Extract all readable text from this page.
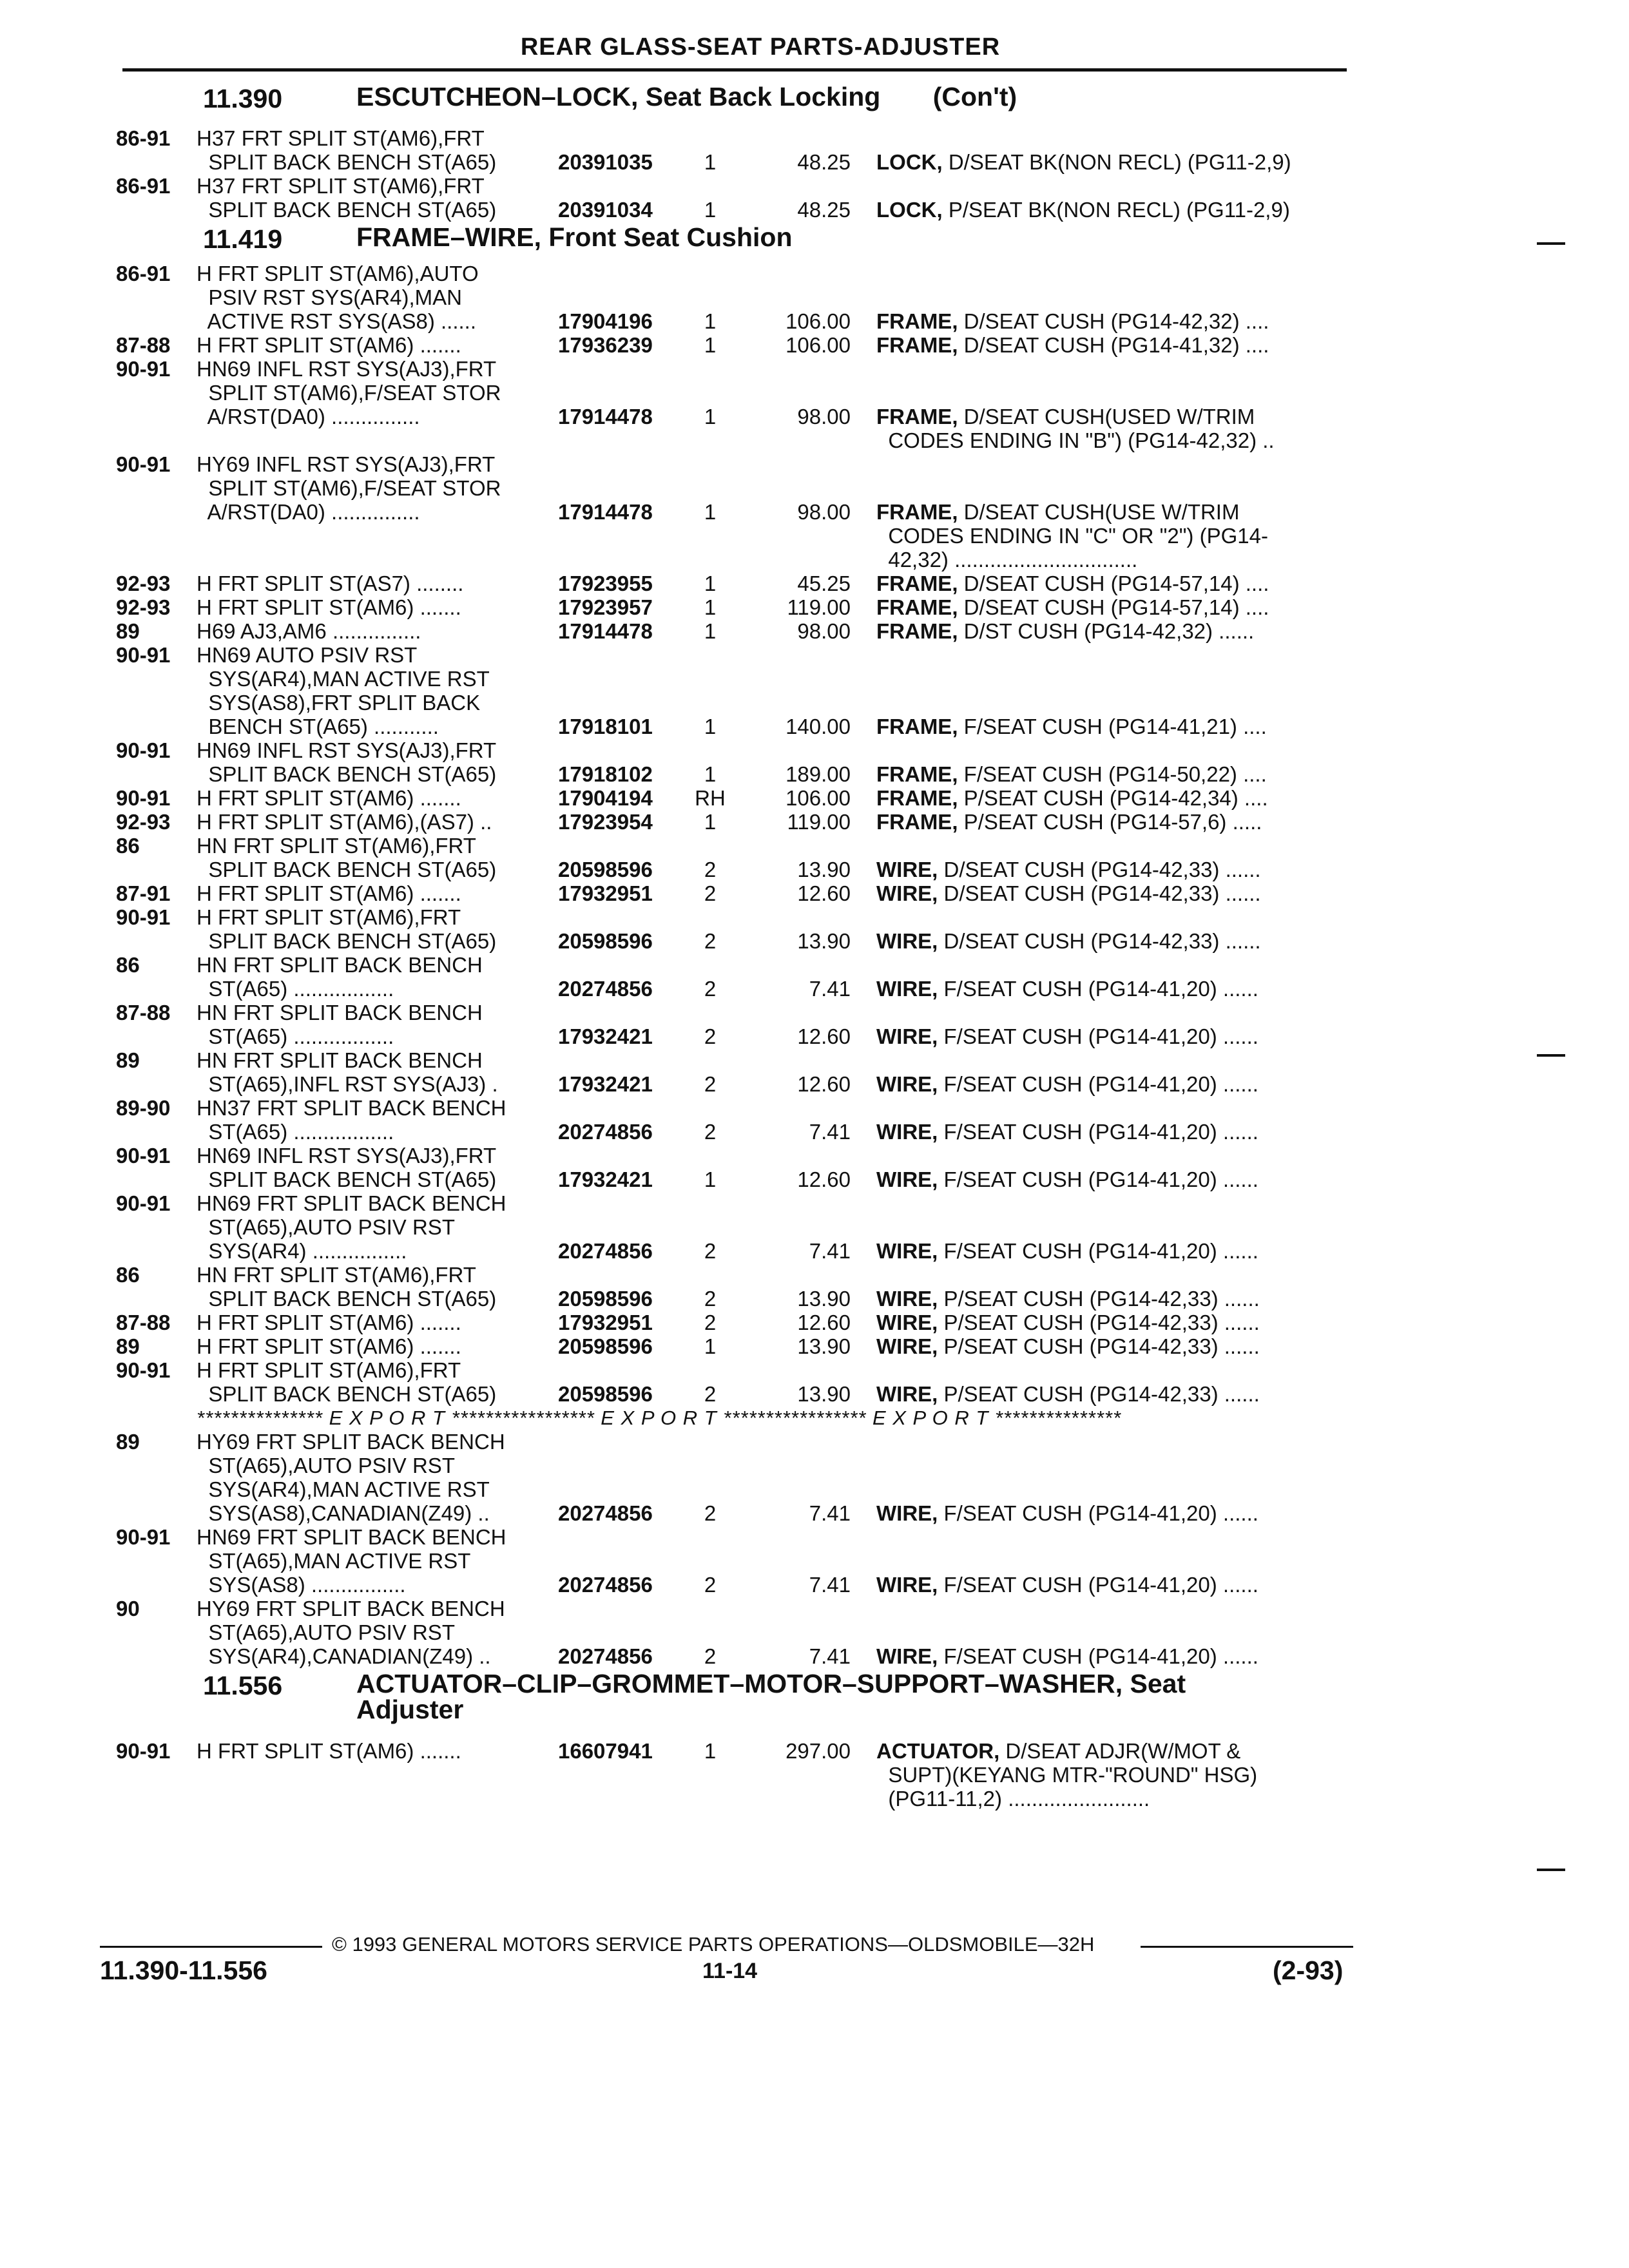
REAR GLASS-SEAT PARTS-ADJUSTER
11.390	ESCUTCHEON–LOCK, Seat Back Locking (Con't)
86-91	H37 FRT SPLIT ST(AM6),FRT
SPLIT BACK BENCH ST(A65)	20391035	1	48.25 LOCK, D/SEAT BK(NON RECL) (PG11-2,9)
86-91	H37 FRT SPLIT ST(AM6),FRT
SPLIT BACK BENCH ST(A65)	20391034	1	48.25 LOCK, P/SEAT BK(NON RECL) (PG11-2,9)
11.419	FRAME–WIRE, Front Seat Cushion
86-91	H FRT SPLIT ST(AM6),AUTO
PSIV RST SYS(AR4),MAN
ACTIVE RST SYS(AS8) ......	17904196	1	106.00 FRAME, D/SEAT CUSH (PG14-42,32) ....
87-88	H FRT SPLIT ST(AM6) .......	17936239	1	106.00 FRAME, D/SEAT CUSH (PG14-41,32) ....
90-91	HN69 INFL RST SYS(AJ3),FRT
SPLIT ST(AM6),F/SEAT STOR
A/RST(DA0) ...............	17914478	1	98.00 FRAME, D/SEAT CUSH(USED W/TRIM
CODES ENDING IN "B") (PG14-42,32) ..
90-91	HY69 INFL RST SYS(AJ3),FRT
SPLIT ST(AM6),F/SEAT STOR
A/RST(DA0) ...............	17914478	1	98.00 FRAME, D/SEAT CUSH(USE W/TRIM
CODES ENDING IN "C" OR "2") (PG14-
42,32) ...............................
92-93	H FRT SPLIT ST(AS7) ........	17923955	1	45.25 FRAME, D/SEAT CUSH (PG14-57,14) ....
92-93	H FRT SPLIT ST(AM6) .......	17923957	1	119.00 FRAME, D/SEAT CUSH (PG14-57,14) ....
89	H69 AJ3,AM6 ...............	17914478	1	98.00 FRAME, D/ST CUSH (PG14-42,32) ......
90-91	HN69 AUTO PSIV RST
SYS(AR4),MAN ACTIVE RST
SYS(AS8),FRT SPLIT BACK
BENCH ST(A65) ...........	17918101	1	140.00 FRAME, F/SEAT CUSH (PG14-41,21) ....
90-91	HN69 INFL RST SYS(AJ3),FRT
SPLIT BACK BENCH ST(A65)	17918102	1	189.00 FRAME, F/SEAT CUSH (PG14-50,22) ....
90-91	H FRT SPLIT ST(AM6) .......	17904194 RH	106.00 FRAME, P/SEAT CUSH (PG14-42,34) ....
92-93	H FRT SPLIT ST(AM6),(AS7) ..	17923954	1	119.00 FRAME, P/SEAT CUSH (PG14-57,6) .....
86	HN FRT SPLIT ST(AM6),FRT
SPLIT BACK BENCH ST(A65)	20598596	2	13.90 WIRE, D/SEAT CUSH (PG14-42,33) ......
87-91	H FRT SPLIT ST(AM6) .......	17932951	2	12.60 WIRE, D/SEAT CUSH (PG14-42,33) ......
90-91	H FRT SPLIT ST(AM6),FRT
SPLIT BACK BENCH ST(A65)	20598596	2	13.90 WIRE, D/SEAT CUSH (PG14-42,33) ......
86	HN FRT SPLIT BACK BENCH
ST(A65) .................	20274856	2	7.41 WIRE, F/SEAT CUSH (PG14-41,20) ......
87-88	HN FRT SPLIT BACK BENCH
ST(A65) .................	17932421	2	12.60 WIRE, F/SEAT CUSH (PG14-41,20) ......
89	HN FRT SPLIT BACK BENCH
ST(A65),INFL RST SYS(AJ3) .	17932421	2	12.60 WIRE, F/SEAT CUSH (PG14-41,20) ......
89-90	HN37 FRT SPLIT BACK BENCH
ST(A65) .................	20274856	2	7.41 WIRE, F/SEAT CUSH (PG14-41,20) ......
90-91	HN69 INFL RST SYS(AJ3),FRT
SPLIT BACK BENCH ST(A65)	17932421	1	12.60 WIRE, F/SEAT CUSH (PG14-41,20) ......
90-91	HN69 FRT SPLIT BACK BENCH
ST(A65),AUTO PSIV RST
SYS(AR4) ................	20274856	2	7.41 WIRE, F/SEAT CUSH (PG14-41,20) ......
86	HN FRT SPLIT ST(AM6),FRT
SPLIT BACK BENCH ST(A65)	20598596	2	13.90 WIRE, P/SEAT CUSH (PG14-42,33) ......
87-88	H FRT SPLIT ST(AM6) .......	17932951	2	12.60 WIRE, P/SEAT CUSH (PG14-42,33) ......
89	H FRT SPLIT ST(AM6) .......	20598596	1	13.90 WIRE, P/SEAT CUSH (PG14-42,33) ......
90-91	H FRT SPLIT ST(AM6),FRT
SPLIT BACK BENCH ST(A65)	20598596	2	13.90 WIRE, P/SEAT CUSH (PG14-42,33) ......
*************** E X P O R T ***************** E X P O R T ***************** E X P O R T ***************
89	HY69 FRT SPLIT BACK BENCH
ST(A65),AUTO PSIV RST
SYS(AR4),MAN ACTIVE RST
SYS(AS8),CANADIAN(Z49) ..	20274856	2	7.41 WIRE, F/SEAT CUSH (PG14-41,20) ......
90-91	HN69 FRT SPLIT BACK BENCH
ST(A65),MAN ACTIVE RST
SYS(AS8) ................	20274856	2	7.41 WIRE, F/SEAT CUSH (PG14-41,20) ......
90	HY69 FRT SPLIT BACK BENCH
ST(A65),AUTO PSIV RST
SYS(AR4),CANADIAN(Z49) ..	20274856	2	7.41 WIRE, F/SEAT CUSH (PG14-41,20) ......
11.556	ACTUATOR–CLIP–GROMMET–MOTOR–SUPPORT–WASHER, Seat Adjuster
90-91	H FRT SPLIT ST(AM6) .......	16607941	1	297.00 ACTUATOR, D/SEAT ADJR(W/MOT &
SUPT)(KEYANG MTR-"ROUND" HSG)
(PG11-11,2) ........................
© 1993 GENERAL MOTORS SERVICE PARTS OPERATIONS—OLDSMOBILE—32H
11.390-11.556	11-14	(2-93)
